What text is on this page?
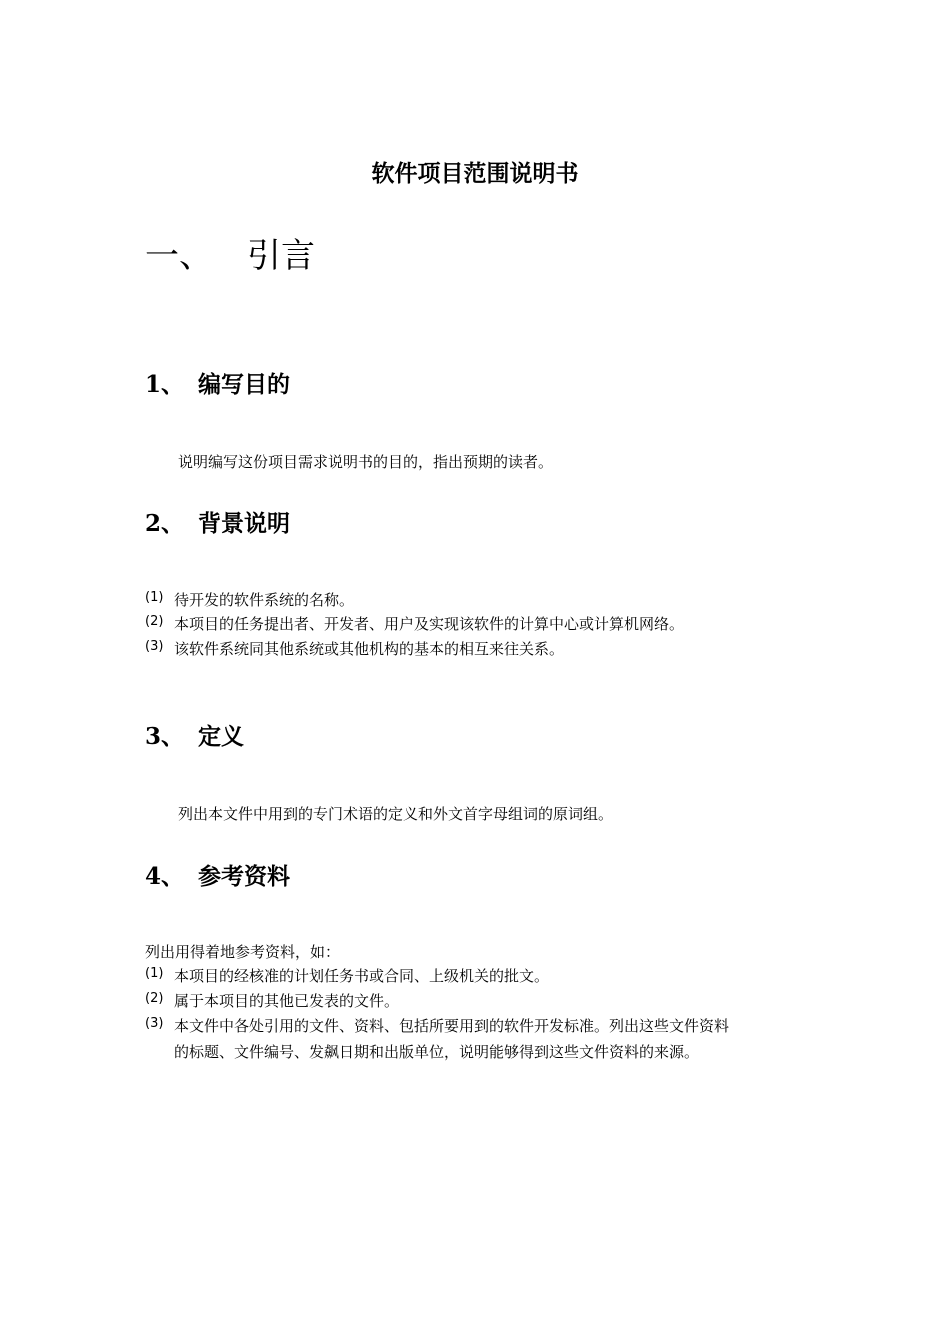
软件项目范围说明书
一、 引言
1、 编写目的

说明编写这份项目需求说明书的目的，指出预期的读者。

2、 背景说明
(1) 待开发的软件系统的名称。
(2) 本项目的任务提出者、开发者、用户及实现该软件的计算中心或计算机网络。
(3) 该软件系统同其他系统或其他机构的基本的相互来往关系。
3、 定义

列出本文件中用到的专门术语的定义和外文首字母组词的原词组。

4、 参考资料

列出用得着地参考资料，如：

(1) 本项目的经核准的计划任务书或合同、上级机关的批文。
(2) 属于本项目的其他已发表的文件。
(3) 本文件中各处引用的文件、资料、包括所要用到的软件开发标准。列出这些文件资料
的标题、文件编号、发飙日期和出版单位，说明能够得到这些文件资料的来源。
